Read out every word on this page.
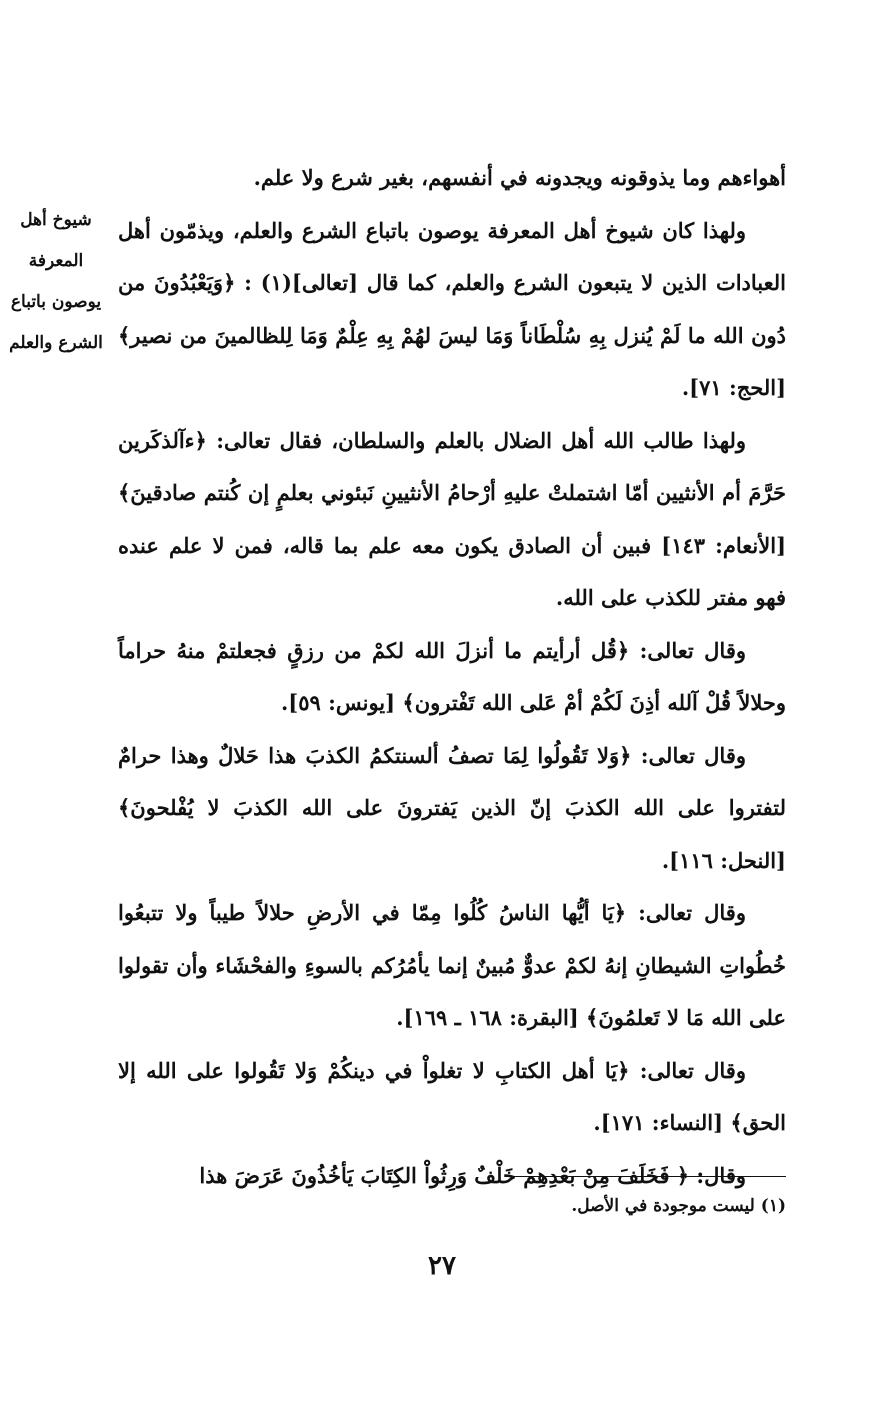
شيوخ أهل المعرفة يوصون باتباع الشرع والعلم

أهواءهم وما يذوقونه ويجدونه في أنفسهم، بغير شرع ولا علم.

ولهذا كان شيوخ أهل المعرفة يوصون باتباع الشرع والعلم، ويذمّون أهل العبادات الذين لا يتبعون الشرع والعلم، كما قال [تعالى](١) : ﴿وَيَعْبُدُونَ من دُون الله ما لَمْ يُنزل بِهِ سُلْطَاناً وَمَا ليسَ لهُمْ بِهِ عِلْمٌ وَمَا لِلظالمينَ من نصير﴾ [الحج: ٧١].

ولهذا طالب الله أهل الضلال بالعلم والسلطان، فقال تعالى: ﴿ءآلذكَرين حَرَّمَ أم الأنثيين أمّا اشتملتْ عليهِ أرْحامُ الأنثيينِ نَبئوني بعلمٍ إن كُنتم صادقينَ﴾ [الأنعام: ١٤٣] فبين أن الصادق يكون معه علم بما قاله، فمن لا علم عنده فهو مفتر للكذب على الله.

وقال تعالى: ﴿قُل أرأيتم ما أنزلَ الله لكمْ من رزقٍ فجعلتمْ منهُ حراماً وحلالاً قُلْ آلله أذِنَ لَكُمْ أمْ عَلى الله تَفْترون﴾ [يونس: ٥٩].

وقال تعالى: ﴿وَلا تَقُولُوا لِمَا تصفُ ألسنتكمُ الكذبَ هذا حَلالٌ وهذا حرامٌ لتفتروا على الله الكذبَ إنّ الذين يَفترونَ على الله الكذبَ لا يُفْلحونَ﴾ [النحل: ١١٦].

وقال تعالى: ﴿يَا أيُّها الناسُ كُلُوا مِمّا في الأرضِ حلالاً طيباً ولا تتبعُوا خُطُواتِ الشيطانِ إنهُ لكمْ عدوٌّ مُبينٌ إنما يأمُرُكم بالسوءِ والفحْشَاء وأن تقولوا على الله مَا لا تَعلمُونَ﴾ [البقرة: ١٦٨ ـ ١٦٩].

وقال تعالى: ﴿يَا أهل الكتابِ لا تغلواْ في دينكُمْ وَلا تَقُولوا على الله إلا الحق﴾ [النساء: ١٧١].

وقال: ﴿ فَخَلَفَ مِنْ بَعْدِهِمْ خَلْفٌ وَرِثُواْ الكِتَابَ يَأخُذُونَ عَرَضَ هذا

(١) ليست موجودة في الأصل.
٢٧
